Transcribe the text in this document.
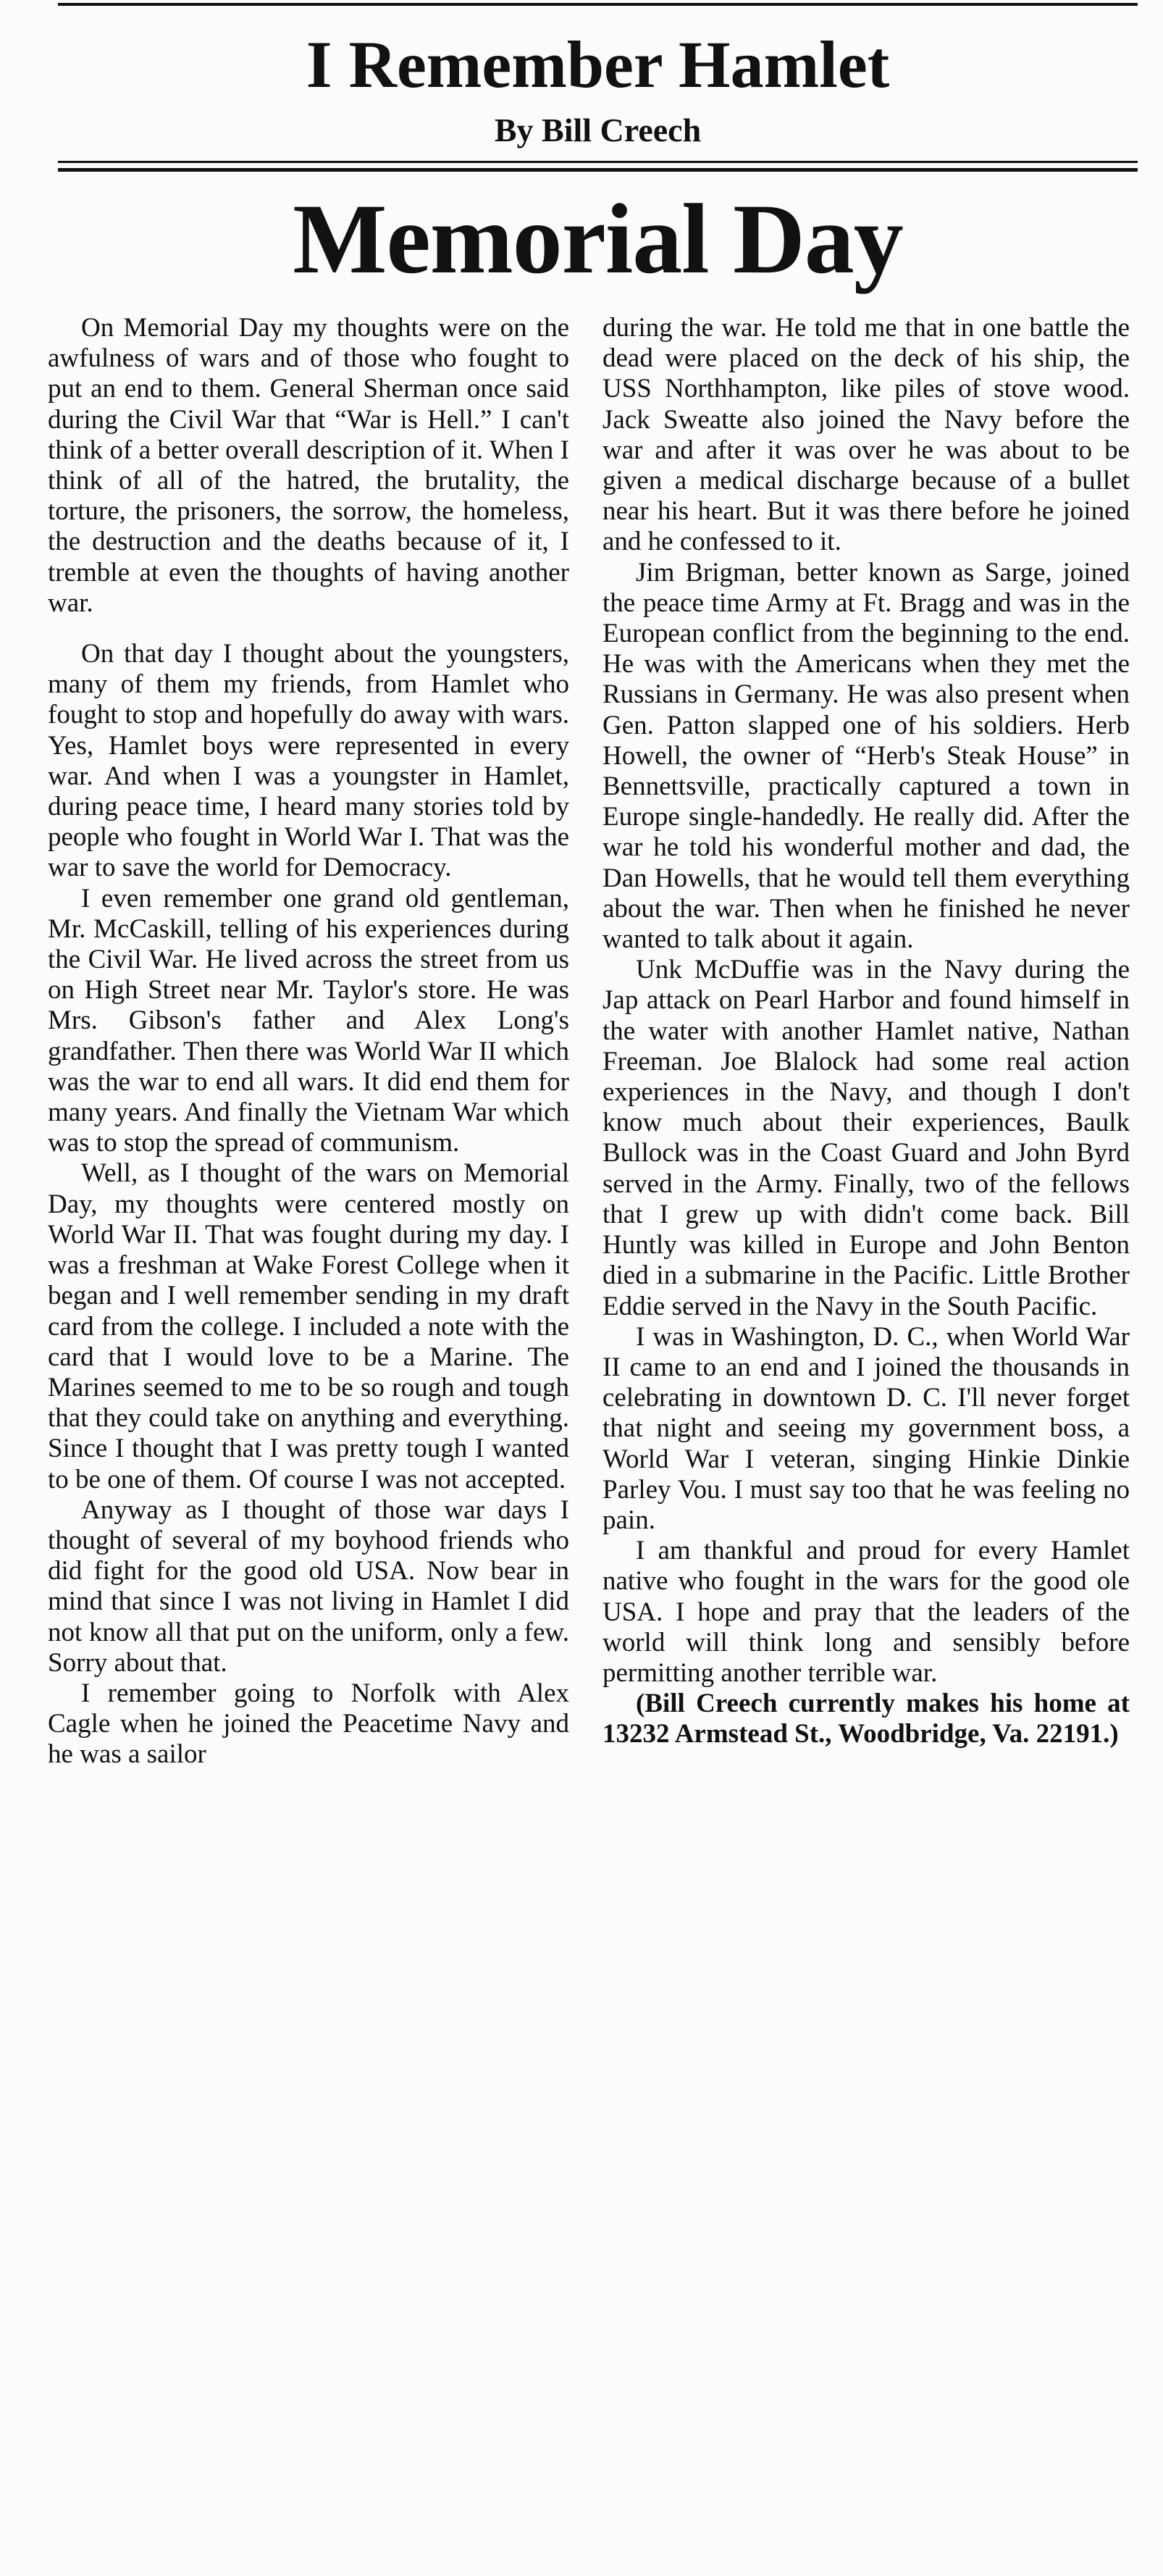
I Remember Hamlet
By Bill Creech
Memorial Day

On Memorial Day my thoughts were on the awfulness of wars and of those who fought to put an end to them. General Sherman once said during the Civil War that “War is Hell.” I can't think of a better overall description of it. When I think of all of the hatred, the brutality, the torture, the prisoners, the sorrow, the homeless, the destruction and the deaths because of it, I tremble at even the thoughts of having another war.

On that day I thought about the youngsters, many of them my friends, from Hamlet who fought to stop and hopefully do away with wars. Yes, Hamlet boys were represented in every war. And when I was a youngster in Hamlet, during peace time, I heard many stories told by people who fought in World War I. That was the war to save the world for Democracy.

I even remember one grand old gentleman, Mr. McCaskill, telling of his experiences during the Civil War. He lived across the street from us on High Street near Mr. Taylor's store. He was Mrs. Gibson's father and Alex Long's grandfather. Then there was World War II which was the war to end all wars. It did end them for many years. And finally the Vietnam War which was to stop the spread of communism.

Well, as I thought of the wars on Memorial Day, my thoughts were centered mostly on World War II. That was fought during my day. I was a freshman at Wake Forest College when it began and I well remember sending in my draft card from the college. I included a note with the card that I would love to be a Marine. The Marines seemed to me to be so rough and tough that they could take on anything and everything. Since I thought that I was pretty tough I wanted to be one of them. Of course I was not accepted.

Anyway as I thought of those war days I thought of several of my boyhood friends who did fight for the good old USA. Now bear in mind that since I was not living in Hamlet I did not know all that put on the uniform, only a few. Sorry about that.

I remember going to Norfolk with Alex Cagle when he joined the Peacetime Navy and he was a sailor

during the war. He told me that in one battle the dead were placed on the deck of his ship, the USS Northhampton, like piles of stove wood. Jack Sweatte also joined the Navy before the war and after it was over he was about to be given a medical discharge because of a bullet near his heart. But it was there before he joined and he confessed to it.

Jim Brigman, better known as Sarge, joined the peace time Army at Ft. Bragg and was in the European conflict from the beginning to the end. He was with the Americans when they met the Russians in Germany. He was also present when Gen. Patton slapped one of his soldiers. Herb Howell, the owner of “Herb's Steak House” in Bennettsville, practically captured a town in Europe single-handedly. He really did. After the war he told his wonderful mother and dad, the Dan Howells, that he would tell them everything about the war. Then when he finished he never wanted to talk about it again.

Unk McDuffie was in the Navy during the Jap attack on Pearl Harbor and found himself in the water with another Hamlet native, Nathan Freeman. Joe Blalock had some real action experiences in the Navy, and though I don't know much about their experiences, Baulk Bullock was in the Coast Guard and John Byrd served in the Army. Finally, two of the fellows that I grew up with didn't come back. Bill Huntly was killed in Europe and John Benton died in a submarine in the Pacific. Little Brother Eddie served in the Navy in the South Pacific.

I was in Washington, D. C., when World War II came to an end and I joined the thousands in celebrating in downtown D. C. I'll never forget that night and seeing my government boss, a World War I veteran, singing Hinkie Dinkie Parley Vou. I must say too that he was feeling no pain.

I am thankful and proud for every Hamlet native who fought in the wars for the good ole USA. I hope and pray that the leaders of the world will think long and sensibly before permitting another terrible war.

(Bill Creech currently makes his home at 13232 Armstead St., Woodbridge, Va. 22191.)
